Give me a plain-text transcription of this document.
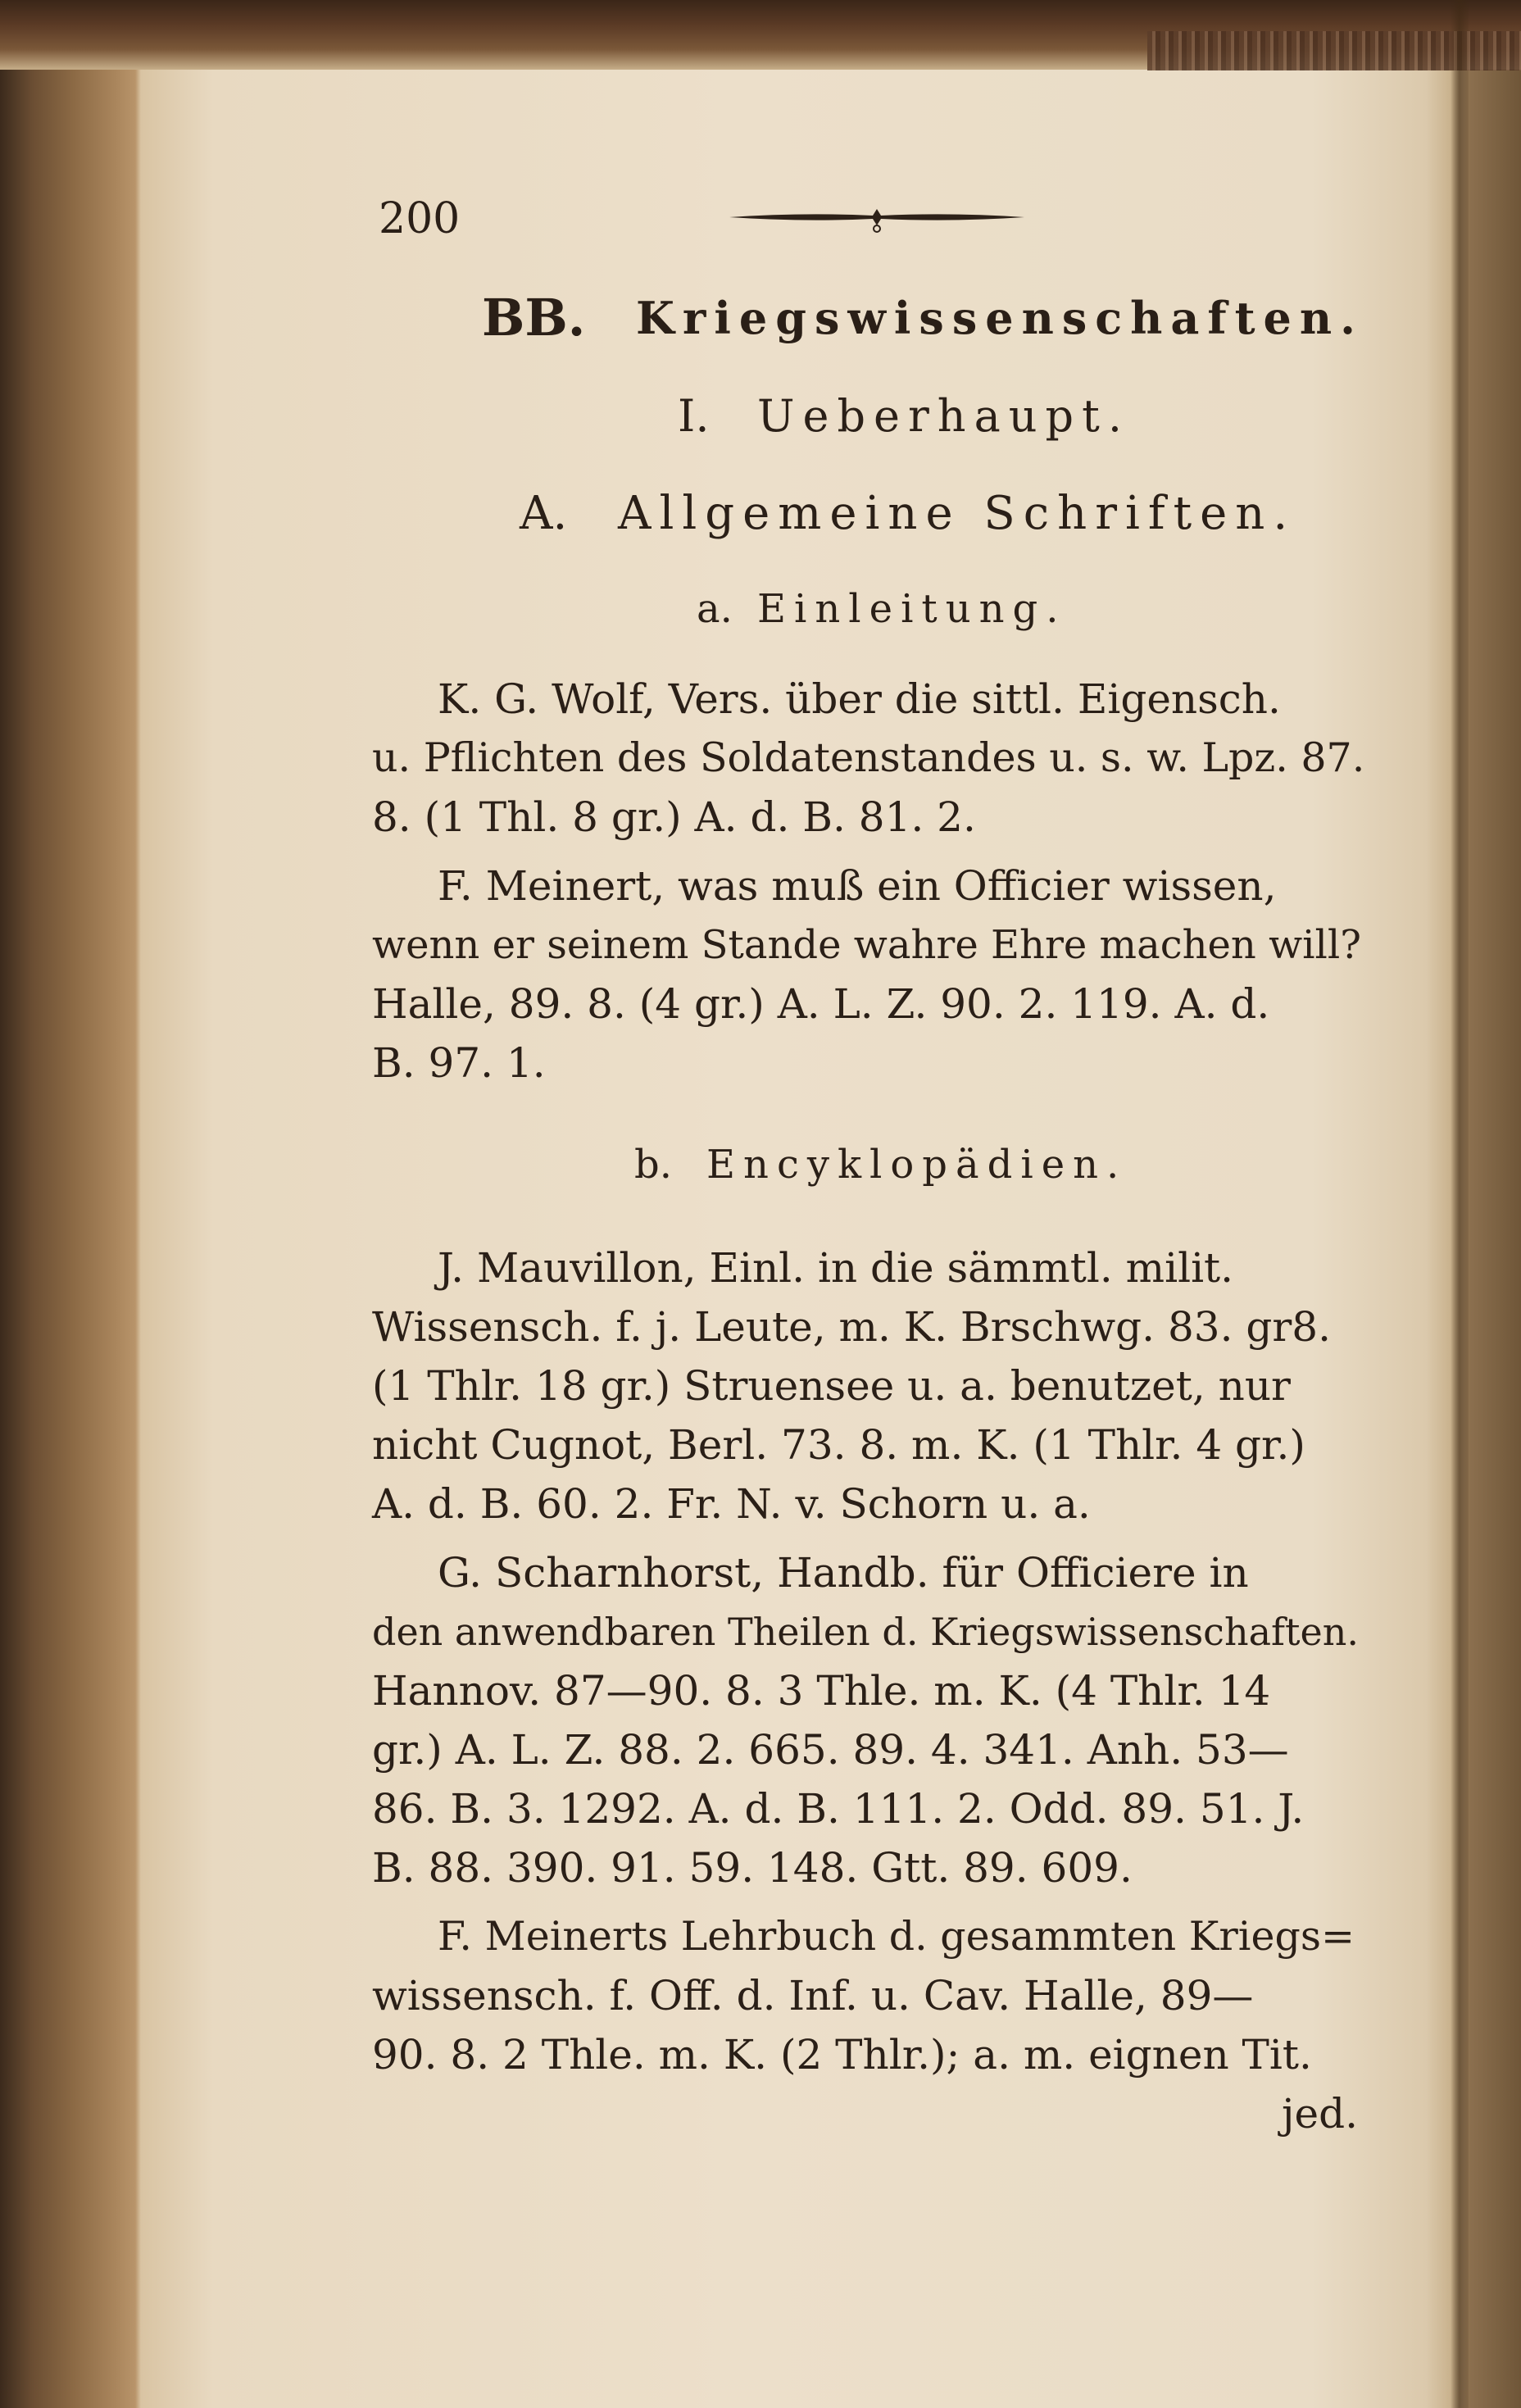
200
BB. Kriegswissenschaften.
I. Ueberhaupt.
A. Allgemeine Schriften.
a. Einleitung.
K. G. Wolf, Vers. über die sittl. Eigensch.
u. Pflichten des Soldatenstandes u. s. w. Lpz. 87.
8. (1 Thl. 8 gr.) A. d. B. 81. 2.
F. Meinert, was muß ein Officier wissen,
wenn er seinem Stande wahre Ehre machen will?
Halle, 89. 8. (4 gr.) A. L. Z. 90. 2. 119. A. d.
B. 97. 1.
b. Encyklopädien.
J. Mauvillon, Einl. in die sämmtl. milit.
Wissensch. f. j. Leute, m. K. Brschwg. 83. gr8.
(1 Thlr. 18 gr.) Struensee u. a. benutzet, nur
nicht Cugnot, Berl. 73. 8. m. K. (1 Thlr. 4 gr.)
A. d. B. 60. 2. Fr. N. v. Schorn u. a.
G. Scharnhorst, Handb. für Officiere in
den anwendbaren Theilen d. Kriegswissenschaften.
Hannov. 87—90. 8. 3 Thle. m. K. (4 Thlr. 14
gr.) A. L. Z. 88. 2. 665. 89. 4. 341. Anh. 53—
86. B. 3. 1292. A. d. B. 111. 2. Odd. 89. 51. J.
B. 88. 390. 91. 59. 148. Gtt. 89. 609.
F. Meinerts Lehrbuch d. gesammten Kriegs=
wissensch. f. Off. d. Inf. u. Cav. Halle, 89—
90. 8. 2 Thle. m. K. (2 Thlr.); a. m. eignen Tit.
jed.
